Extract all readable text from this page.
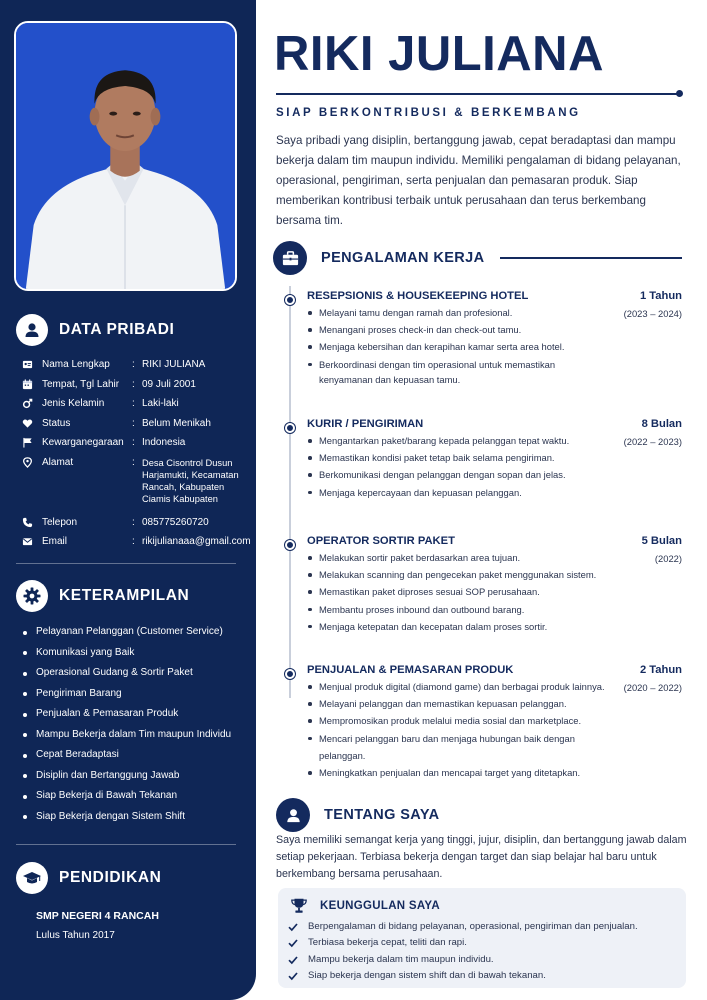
DATA PRIBADI
Nama Lengkap	: RIKI JULIANA
Tempat, Tgl Lahir	: 09 Juli 2001
Jenis Kelamin	: Laki-laki
Status	: Belum Menikah
Kewarganegaraan : Indonesia
Alamat	: Desa Cisontrol Dusun Harjamukti, Kecamatan Rancah, Kabupaten Ciamis Kabupaten
Telepon	: 085775260720
Email	: rikijulianaaa@gmail.com
KETERAMPILAN
Pelayanan Pelanggan (Customer Service)
Komunikasi yang Baik
Operasional Gudang & Sortir Paket
Pengiriman Barang
Penjualan & Pemasaran Produk
Mampu Bekerja dalam Tim maupun Individu
Cepat Beradaptasi
Disiplin dan Bertanggung Jawab
Siap Bekerja di Bawah Tekanan
Siap Bekerja dengan Sistem Shift
PENDIDIKAN
SMP NEGERI 4 RANCAH
Lulus Tahun 2017
RIKI JULIANA
SIAP BERKONTRIBUSI & BERKEMBANG

Saya pribadi yang disiplin, bertanggung jawab, cepat beradaptasi dan mampu bekerja dalam tim maupun individu. Memiliki pengalaman di bidang pelayanan, operasional, pengiriman, serta penjualan dan pemasaran produk. Siap memberikan kontribusi terbaik untuk perusahaan dan terus berkembang bersama tim.

PENGALAMAN KERJA
RESEPSIONIS & HOUSEKEEPING HOTEL	1 Tahun
(2023 – 2024)
Melayani tamu dengan ramah dan profesional.
Menangani proses check-in dan check-out tamu.
Menjaga kebersihan dan kerapihan kamar serta area hotel.
Berkoordinasi dengan tim operasional untuk memastikan kenyamanan dan kepuasan tamu.
KURIR / PENGIRIMAN	8 Bulan
(2022 – 2023)
Mengantarkan paket/barang kepada pelanggan tepat waktu.
Memastikan kondisi paket tetap baik selama pengiriman.
Berkomunikasi dengan pelanggan dengan sopan dan jelas.
Menjaga kepercayaan dan kepuasan pelanggan.
OPERATOR SORTIR PAKET	5 Bulan
(2022)
Melakukan sortir paket berdasarkan area tujuan.
Melakukan scanning dan pengecekan paket menggunakan sistem.
Memastikan paket diproses sesuai SOP perusahaan.
Membantu proses inbound dan outbound barang.
Menjaga ketepatan dan kecepatan dalam proses sortir.
PENJUALAN & PEMASARAN PRODUK	2 Tahun
(2020 – 2022)
Menjual produk digital (diamond game) dan berbagai produk lainnya.
Melayani pelanggan dan memastikan kepuasan pelanggan.
Mempromosikan produk melalui media sosial dan marketplace.
Mencari pelanggan baru dan menjaga hubungan baik dengan pelanggan.
Meningkatkan penjualan dan mencapai target yang ditetapkan.
TENTANG SAYA

Saya memiliki semangat kerja yang tinggi, jujur, disiplin, dan bertanggung jawab dalam setiap pekerjaan. Terbiasa bekerja dengan target dan siap belajar hal baru untuk berkembang bersama perusahaan.

KEUNGGULAN SAYA
Berpengalaman di bidang pelayanan, operasional, pengiriman dan penjualan.
Terbiasa bekerja cepat, teliti dan rapi.
Mampu bekerja dalam tim maupun individu.
Siap bekerja dengan sistem shift dan di bawah tekanan.
